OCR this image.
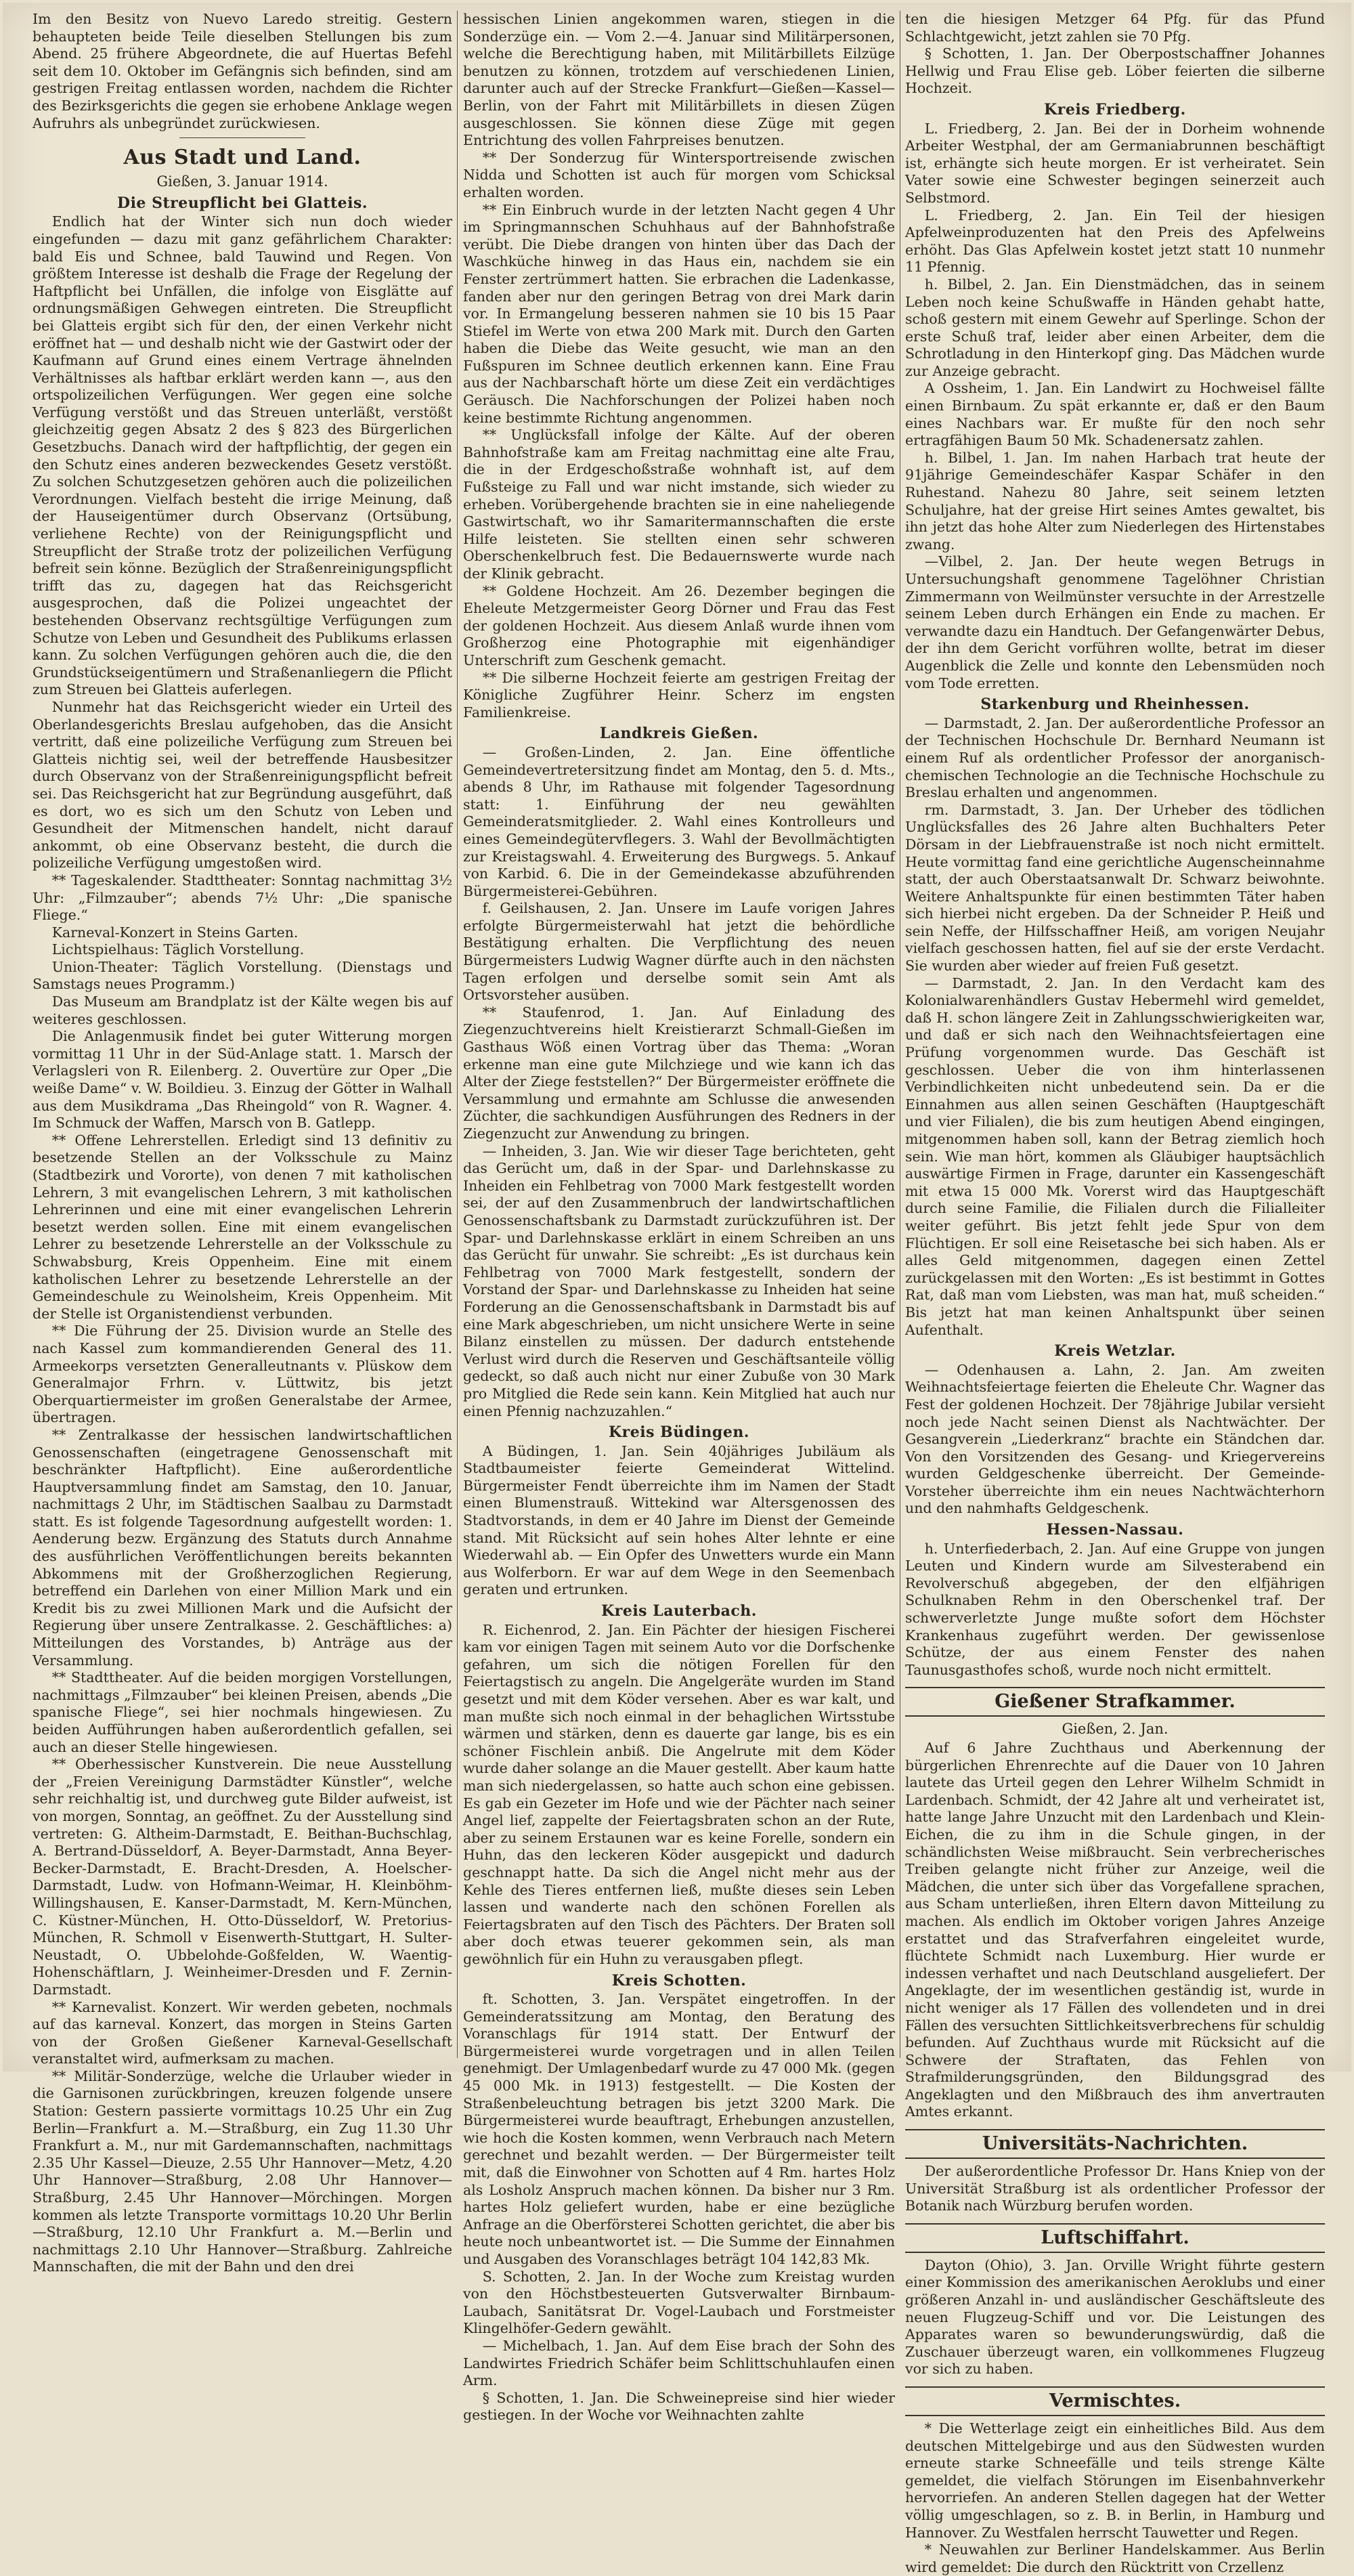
Im den Besitz von Nuevo Laredo streitig. Gestern behaupteten beide Teile dieselben Stellungen bis zum Abend. 25 frühere Abgeordnete, die auf Huertas Befehl seit dem 10. Oktober im Gefängnis sich befinden, sind am gestrigen Freitag entlassen worden, nachdem die Richter des Bezirksgerichts die gegen sie erhobene Anklage wegen Aufruhrs als unbegründet zurückwiesen.

Aus Stadt und Land.
Gießen, 3. Januar 1914.
Die Streupflicht bei Glatteis.

Endlich hat der Winter sich nun doch wieder eingefunden — dazu mit ganz gefährlichem Charakter: bald Eis und Schnee, bald Tauwind und Regen. Von größtem Interesse ist deshalb die Frage der Regelung der Haftpflicht bei Unfällen, die infolge von Eisglätte auf ordnungsmäßigen Gehwegen eintreten. Die Streupflicht bei Glatteis ergibt sich für den, der einen Verkehr nicht eröffnet hat — und deshalb nicht wie der Gastwirt oder der Kaufmann auf Grund eines einem Vertrage ähnelnden Verhältnisses als haftbar erklärt werden kann —, aus den ortspolizeilichen Verfügungen. Wer gegen eine solche Verfügung verstößt und das Streuen unterläßt, verstößt gleichzeitig gegen Absatz 2 des § 823 des Bürgerlichen Gesetzbuchs. Danach wird der haftpflichtig, der gegen ein den Schutz eines anderen bezweckendes Gesetz verstößt. Zu solchen Schutzgesetzen gehören auch die polizeilichen Verordnungen. Vielfach besteht die irrige Meinung, daß der Hauseigentümer durch Observanz (Ortsübung, verliehene Rechte) von der Reinigungspflicht und Streupflicht der Straße trotz der polizeilichen Verfügung befreit sein könne. Bezüglich der Straßenreinigungspflicht trifft das zu, dagegen hat das Reichsgericht ausgesprochen, daß die Polizei ungeachtet der bestehenden Observanz rechtsgültige Verfügungen zum Schutze von Leben und Gesundheit des Publikums erlassen kann. Zu solchen Verfügungen gehören auch die, die den Grundstückseigentümern und Straßenanliegern die Pflicht zum Streuen bei Glatteis auferlegen.

Nunmehr hat das Reichsgericht wieder ein Urteil des Oberlandesgerichts Breslau aufgehoben, das die Ansicht vertritt, daß eine polizeiliche Verfügung zum Streuen bei Glatteis nichtig sei, weil der betreffende Hausbesitzer durch Observanz von der Straßenreinigungspflicht befreit sei. Das Reichsgericht hat zur Begründung ausgeführt, daß es dort, wo es sich um den Schutz von Leben und Gesundheit der Mitmenschen handelt, nicht darauf ankommt, ob eine Observanz besteht, die durch die polizeiliche Verfügung umgestoßen wird.

** Tageskalender. Stadttheater: Sonntag nachmittag 3½ Uhr: „Filmzauber“; abends 7½ Uhr: „Die spanische Fliege.“

Karneval-Konzert in Steins Garten.

Lichtspielhaus: Täglich Vorstellung.

Union-Theater: Täglich Vorstellung. (Dienstags und Samstags neues Programm.)

Das Museum am Brandplatz ist der Kälte wegen bis auf weiteres geschlossen.

Die Anlagenmusik findet bei guter Witterung morgen vormittag 11 Uhr in der Süd-Anlage statt. 1. Marsch der Verlagsleri von R. Eilenberg. 2. Ouvertüre zur Oper „Die weiße Dame“ v. W. Boildieu. 3. Einzug der Götter in Walhall aus dem Musikdrama „Das Rheingold“ von R. Wagner. 4. Im Schmuck der Waffen, Marsch von B. Gatlepp.

** Offene Lehrerstellen. Erledigt sind 13 definitiv zu besetzende Stellen an der Volksschule zu Mainz (Stadtbezirk und Vororte), von denen 7 mit katholischen Lehrern, 3 mit evangelischen Lehrern, 3 mit katholischen Lehrerinnen und eine mit einer evangelischen Lehrerin besetzt werden sollen. Eine mit einem evangelischen Lehrer zu besetzende Lehrerstelle an der Volksschule zu Schwabsburg, Kreis Oppenheim. Eine mit einem katholischen Lehrer zu besetzende Lehrerstelle an der Gemeindeschule zu Weinolsheim, Kreis Oppenheim. Mit der Stelle ist Organistendienst verbunden.

** Die Führung der 25. Division wurde an Stelle des nach Kassel zum kommandierenden General des 11. Armeekorps versetzten Generalleutnants v. Plüskow dem Generalmajor Frhrn. v. Lüttwitz, bis jetzt Oberquartiermeister im großen Generalstabe der Armee, übertragen.

** Zentralkasse der hessischen landwirtschaftlichen Genossenschaften (eingetragene Genossenschaft mit beschränkter Haftpflicht). Eine außerordentliche Hauptversammlung findet am Samstag, den 10. Januar, nachmittags 2 Uhr, im Städtischen Saalbau zu Darmstadt statt. Es ist folgende Tagesordnung aufgestellt worden: 1. Aenderung bezw. Ergänzung des Statuts durch Annahme des ausführlichen Veröffentlichungen bereits bekannten Abkommens mit der Großherzoglichen Regierung, betreffend ein Darlehen von einer Million Mark und ein Kredit bis zu zwei Millionen Mark und die Aufsicht der Regierung über unsere Zentralkasse. 2. Geschäftliches: a) Mitteilungen des Vorstandes, b) Anträge aus der Versammlung.

** Stadttheater. Auf die beiden morgigen Vorstellungen, nachmittags „Filmzauber“ bei kleinen Preisen, abends „Die spanische Fliege“, sei hier nochmals hingewiesen. Zu beiden Aufführungen haben außerordentlich gefallen, sei auch an dieser Stelle hingewiesen.

** Oberhessischer Kunstverein. Die neue Ausstellung der „Freien Vereinigung Darmstädter Künstler“, welche sehr reichhaltig ist, und durchweg gute Bilder aufweist, ist von morgen, Sonntag, an geöffnet. Zu der Ausstellung sind vertreten: G. Altheim-Darmstadt, E. Beithan-Buchschlag, A. Bertrand-Düsseldorf, A. Beyer-Darmstadt, Anna Beyer-Becker-Darmstadt, E. Bracht-Dresden, A. Hoelscher-Darmstadt, Ludw. von Hofmann-Weimar, H. Kleinböhm-Willingshausen, E. Kanser-Darmstadt, M. Kern-München, C. Küstner-München, H. Otto-Düsseldorf, W. Pretorius-München, R. Schmoll v Eisenwerth-Stuttgart, H. Sulter-Neustadt, O. Ubbelohde-Goßfelden, W. Waentig-Hohenschäftlarn, J. Weinheimer-Dresden und F. Zernin-Darmstadt.

** Karnevalist. Konzert. Wir werden gebeten, nochmals auf das karneval. Konzert, das morgen in Steins Garten von der Großen Gießener Karneval-Gesellschaft veranstaltet wird, aufmerksam zu machen.

** Militär-Sonderzüge, welche die Urlauber wieder in die Garnisonen zurückbringen, kreuzen folgende unsere Station: Gestern passierte vormittags 10.25 Uhr ein Zug Berlin—Frankfurt a. M.—Straßburg, ein Zug 11.30 Uhr Frankfurt a. M., nur mit Gardemannschaften, nachmittags 2.35 Uhr Kassel—Dieuze, 2.55 Uhr Hannover—Metz, 4.20 Uhr Hannover—Straßburg, 2.08 Uhr Hannover—Straßburg, 2.45 Uhr Hannover—Mörchingen. Morgen kommen als letzte Transporte vormittags 10.20 Uhr Berlin—Straßburg, 12.10 Uhr Frankfurt a. M.—Berlin und nachmittags 2.10 Uhr Hannover—Straßburg. Zahlreiche Mannschaften, die mit der Bahn und den drei

hessischen Linien angekommen waren, stiegen in die Sonderzüge ein. — Vom 2.—4. Januar sind Militärpersonen, welche die Berechtigung haben, mit Militärbillets Eilzüge benutzen zu können, trotzdem auf verschiedenen Linien, darunter auch auf der Strecke Frankfurt—Gießen—Kassel—Berlin, von der Fahrt mit Militärbillets in diesen Zügen ausgeschlossen. Sie können diese Züge mit gegen Entrichtung des vollen Fahrpreises benutzen.

** Der Sonderzug für Wintersportreisende zwischen Nidda und Schotten ist auch für morgen vom Schicksal erhalten worden.

** Ein Einbruch wurde in der letzten Nacht gegen 4 Uhr im Springmannschen Schuhhaus auf der Bahnhofstraße verübt. Die Diebe drangen von hinten über das Dach der Waschküche hinweg in das Haus ein, nachdem sie ein Fenster zertrümmert hatten. Sie erbrachen die Ladenkasse, fanden aber nur den geringen Betrag von drei Mark darin vor. In Ermangelung besseren nahmen sie 10 bis 15 Paar Stiefel im Werte von etwa 200 Mark mit. Durch den Garten haben die Diebe das Weite gesucht, wie man an den Fußspuren im Schnee deutlich erkennen kann. Eine Frau aus der Nachbarschaft hörte um diese Zeit ein verdächtiges Geräusch. Die Nachforschungen der Polizei haben noch keine bestimmte Richtung angenommen.

** Unglücksfall infolge der Kälte. Auf der oberen Bahnhofstraße kam am Freitag nachmittag eine alte Frau, die in der Erdgeschoßstraße wohnhaft ist, auf dem Fußsteige zu Fall und war nicht imstande, sich wieder zu erheben. Vorübergehende brachten sie in eine naheliegende Gastwirtschaft, wo ihr Samaritermannschaften die erste Hilfe leisteten. Sie stellten einen sehr schweren Oberschenkelbruch fest. Die Bedauernswerte wurde nach der Klinik gebracht.

** Goldene Hochzeit. Am 26. Dezember begingen die Eheleute Metzgermeister Georg Dörner und Frau das Fest der goldenen Hochzeit. Aus diesem Anlaß wurde ihnen vom Großherzog eine Photographie mit eigenhändiger Unterschrift zum Geschenk gemacht.

** Die silberne Hochzeit feierte am gestrigen Freitag der Königliche Zugführer Heinr. Scherz im engsten Familienkreise.

Landkreis Gießen.

— Großen-Linden, 2. Jan. Eine öffentliche Gemeindevertretersitzung findet am Montag, den 5. d. Mts., abends 8 Uhr, im Rathause mit folgender Tagesordnung statt: 1. Einführung der neu gewählten Gemeinderatsmitglieder. 2. Wahl eines Kontrolleurs und eines Gemeindegütervflegers. 3. Wahl der Bevollmächtigten zur Kreistagswahl. 4. Erweiterung des Burgwegs. 5. Ankauf von Karbid. 6. Die in der Gemeindekasse abzuführenden Bürgermeisterei-Gebühren.

f. Geilshausen, 2. Jan. Unsere im Laufe vorigen Jahres erfolgte Bürgermeisterwahl hat jetzt die behördliche Bestätigung erhalten. Die Verpflichtung des neuen Bürgermeisters Ludwig Wagner dürfte auch in den nächsten Tagen erfolgen und derselbe somit sein Amt als Ortsvorsteher ausüben.

** Staufenrod, 1. Jan. Auf Einladung des Ziegenzuchtvereins hielt Kreistierarzt Schmall-Gießen im Gasthaus Wöß einen Vortrag über das Thema: „Woran erkenne man eine gute Milchziege und wie kann ich das Alter der Ziege feststellen?“ Der Bürgermeister eröffnete die Versammlung und ermahnte am Schlusse die anwesenden Züchter, die sachkundigen Ausführungen des Redners in der Ziegenzucht zur Anwendung zu bringen.

— Inheiden, 3. Jan. Wie wir dieser Tage berichteten, geht das Gerücht um, daß in der Spar- und Darlehnskasse zu Inheiden ein Fehlbetrag von 7000 Mark festgestellt worden sei, der auf den Zusammenbruch der landwirtschaftlichen Genossenschaftsbank zu Darmstadt zurückzuführen ist. Der Spar- und Darlehnskasse erklärt in einem Schreiben an uns das Gerücht für unwahr. Sie schreibt: „Es ist durchaus kein Fehlbetrag von 7000 Mark festgestellt, sondern der Vorstand der Spar- und Darlehnskasse zu Inheiden hat seine Forderung an die Genossenschaftsbank in Darmstadt bis auf eine Mark abgeschrieben, um nicht unsichere Werte in seine Bilanz einstellen zu müssen. Der dadurch entstehende Verlust wird durch die Reserven und Geschäftsanteile völlig gedeckt, so daß auch nicht nur einer Zubuße von 30 Mark pro Mitglied die Rede sein kann. Kein Mitglied hat auch nur einen Pfennig nachzuzahlen.“

Kreis Büdingen.

A Büdingen, 1. Jan. Sein 40jähriges Jubiläum als Stadtbaumeister feierte Gemeinderat Wittelind. Bürgermeister Fendt überreichte ihm im Namen der Stadt einen Blumenstrauß. Wittekind war Altersgenossen des Stadtvorstands, in dem er 40 Jahre im Dienst der Gemeinde stand. Mit Rücksicht auf sein hohes Alter lehnte er eine Wiederwahl ab. — Ein Opfer des Unwetters wurde ein Mann aus Wolferborn. Er war auf dem Wege in den Seemenbach geraten und ertrunken.

Kreis Lauterbach.

R. Eichenrod, 2. Jan. Ein Pächter der hiesigen Fischerei kam vor einigen Tagen mit seinem Auto vor die Dorfschenke gefahren, um sich die nötigen Forellen für den Feiertagstisch zu angeln. Die Angelgeräte wurden im Stand gesetzt und mit dem Köder versehen. Aber es war kalt, und man mußte sich noch einmal in der behaglichen Wirtsstube wärmen und stärken, denn es dauerte gar lange, bis es ein schöner Fischlein anbiß. Die Angelrute mit dem Köder wurde daher solange an die Mauer gestellt. Aber kaum hatte man sich niedergelassen, so hatte auch schon eine gebissen. Es gab ein Gezeter im Hofe und wie der Pächter nach seiner Angel lief, zappelte der Feiertagsbraten schon an der Rute, aber zu seinem Erstaunen war es keine Forelle, sondern ein Huhn, das den leckeren Köder ausgepickt und dadurch geschnappt hatte. Da sich die Angel nicht mehr aus der Kehle des Tieres entfernen ließ, mußte dieses sein Leben lassen und wanderte nach den schönen Forellen als Feiertagsbraten auf den Tisch des Pächters. Der Braten soll aber doch etwas teuerer gekommen sein, als man gewöhnlich für ein Huhn zu verausgaben pflegt.

Kreis Schotten.

ft. Schotten, 3. Jan. Verspätet eingetroffen. In der Gemeinderatssitzung am Montag, den Beratung des Voranschlags für 1914 statt. Der Entwurf der Bürgermeisterei wurde vorgetragen und in allen Teilen genehmigt. Der Umlagenbedarf wurde zu 47 000 Mk. (gegen 45 000 Mk. in 1913) festgestellt. — Die Kosten der Straßenbeleuchtung betragen bis jetzt 3200 Mark. Die Bürgermeisterei wurde beauftragt, Erhebungen anzustellen, wie hoch die Kosten kommen, wenn Verbrauch nach Metern gerechnet und bezahlt werden. — Der Bürgermeister teilt mit, daß die Einwohner von Schotten auf 4 Rm. hartes Holz als Losholz Anspruch machen können. Da bisher nur 3 Rm. hartes Holz geliefert wurden, habe er eine bezügliche Anfrage an die Oberförsterei Schotten gerichtet, die aber bis heute noch unbeantwortet ist. — Die Summe der Einnahmen und Ausgaben des Voranschlages beträgt 104 142,83 Mk.

S. Schotten, 2. Jan. In der Woche zum Kreistag wurden von den Höchstbesteuerten Gutsverwalter Birnbaum-Laubach, Sanitätsrat Dr. Vogel-Laubach und Forstmeister Klingelhöfer-Gedern gewählt.

— Michelbach, 1. Jan. Auf dem Eise brach der Sohn des Landwirtes Friedrich Schäfer beim Schlittschuhlaufen einen Arm.

§ Schotten, 1. Jan. Die Schweinepreise sind hier wieder gestiegen. In der Woche vor Weihnachten zahlte

ten die hiesigen Metzger 64 Pfg. für das Pfund Schlachtgewicht, jetzt zahlen sie 70 Pfg.

§ Schotten, 1. Jan. Der Oberpostschaffner Johannes Hellwig und Frau Elise geb. Löber feierten die silberne Hochzeit.

Kreis Friedberg.

L. Friedberg, 2. Jan. Bei der in Dorheim wohnende Arbeiter Westphal, der am Germaniabrunnen beschäftigt ist, erhängte sich heute morgen. Er ist verheiratet. Sein Vater sowie eine Schwester begingen seinerzeit auch Selbstmord.

L. Friedberg, 2. Jan. Ein Teil der hiesigen Apfelweinproduzenten hat den Preis des Apfelweins erhöht. Das Glas Apfelwein kostet jetzt statt 10 nunmehr 11 Pfennig.

h. Bilbel, 2. Jan. Ein Dienstmädchen, das in seinem Leben noch keine Schußwaffe in Händen gehabt hatte, schoß gestern mit einem Gewehr auf Sperlinge. Schon der erste Schuß traf, leider aber einen Arbeiter, dem die Schrotladung in den Hinterkopf ging. Das Mädchen wurde zur Anzeige gebracht.

A Ossheim, 1. Jan. Ein Landwirt zu Hochweisel fällte einen Birnbaum. Zu spät erkannte er, daß er den Baum eines Nachbars war. Er mußte für den noch sehr ertragfähigen Baum 50 Mk. Schadenersatz zahlen.

h. Bilbel, 1. Jan. Im nahen Harbach trat heute der 91jährige Gemeindeschäfer Kaspar Schäfer in den Ruhestand. Nahezu 80 Jahre, seit seinem letzten Schuljahre, hat der greise Hirt seines Amtes gewaltet, bis ihn jetzt das hohe Alter zum Niederlegen des Hirtenstabes zwang.

—Vilbel, 2. Jan. Der heute wegen Betrugs in Untersuchungshaft genommene Tagelöhner Christian Zimmermann von Weilmünster versuchte in der Arrestzelle seinem Leben durch Erhängen ein Ende zu machen. Er verwandte dazu ein Handtuch. Der Gefangenwärter Debus, der ihn dem Gericht vorführen wollte, betrat im dieser Augenblick die Zelle und konnte den Lebensmüden noch vom Tode erretten.

Starkenburg und Rheinhessen.

— Darmstadt, 2. Jan. Der außerordentliche Professor an der Technischen Hochschule Dr. Bernhard Neumann ist einem Ruf als ordentlicher Professor der anorganisch-chemischen Technologie an die Technische Hochschule zu Breslau erhalten und angenommen.

rm. Darmstadt, 3. Jan. Der Urheber des tödlichen Unglücksfalles des 26 Jahre alten Buchhalters Peter Dörsam in der Liebfrauenstraße ist noch nicht ermittelt. Heute vormittag fand eine gerichtliche Augenscheinnahme statt, der auch Oberstaatsanwalt Dr. Schwarz beiwohnte. Weitere Anhaltspunkte für einen bestimmten Täter haben sich hierbei nicht ergeben. Da der Schneider P. Heiß und sein Neffe, der Hilfsschaffner Heiß, am vorigen Neujahr vielfach geschossen hatten, fiel auf sie der erste Verdacht. Sie wurden aber wieder auf freien Fuß gesetzt.

— Darmstadt, 2. Jan. In den Verdacht kam des Kolonialwarenhändlers Gustav Hebermehl wird gemeldet, daß H. schon längere Zeit in Zahlungsschwierigkeiten war, und daß er sich nach den Weihnachtsfeiertagen eine Prüfung vorgenommen wurde. Das Geschäft ist geschlossen. Ueber die von ihm hinterlassenen Verbindlichkeiten nicht unbedeutend sein. Da er die Einnahmen aus allen seinen Geschäften (Hauptgeschäft und vier Filialen), die bis zum heutigen Abend eingingen, mitgenommen haben soll, kann der Betrag ziemlich hoch sein. Wie man hört, kommen als Gläubiger hauptsächlich auswärtige Firmen in Frage, darunter ein Kassengeschäft mit etwa 15 000 Mk. Vorerst wird das Hauptgeschäft durch seine Familie, die Filialen durch die Filialleiter weiter geführt. Bis jetzt fehlt jede Spur von dem Flüchtigen. Er soll eine Reisetasche bei sich haben. Als er alles Geld mitgenommen, dagegen einen Zettel zurückgelassen mit den Worten: „Es ist bestimmt in Gottes Rat, daß man vom Liebsten, was man hat, muß scheiden.“ Bis jetzt hat man keinen Anhaltspunkt über seinen Aufenthalt.

Kreis Wetzlar.

— Odenhausen a. Lahn, 2. Jan. Am zweiten Weihnachtsfeiertage feierten die Eheleute Chr. Wagner das Fest der goldenen Hochzeit. Der 78jährige Jubilar versieht noch jede Nacht seinen Dienst als Nachtwächter. Der Gesangverein „Liederkranz“ brachte ein Ständchen dar. Von den Vorsitzenden des Gesang- und Kriegervereins wurden Geldgeschenke überreicht. Der Gemeinde-Vorsteher überreichte ihm ein neues Nachtwächterhorn und den nahmhafts Geldgeschenk.

Hessen-Nassau.

h. Unterfiederbach, 2. Jan. Auf eine Gruppe von jungen Leuten und Kindern wurde am Silvesterabend ein Revolverschuß abgegeben, der den elfjährigen Schulknaben Rehm in den Oberschenkel traf. Der schwerverletzte Junge mußte sofort dem Höchster Krankenhaus zugeführt werden. Der gewissenlose Schütze, der aus einem Fenster des nahen Taunusgasthofes schoß, wurde noch nicht ermittelt.

Gießener Strafkammer.
Gießen, 2. Jan.

Auf 6 Jahre Zuchthaus und Aberkennung der bürgerlichen Ehrenrechte auf die Dauer von 10 Jahren lautete das Urteil gegen den Lehrer Wilhelm Schmidt in Lardenbach. Schmidt, der 42 Jahre alt und verheiratet ist, hatte lange Jahre Unzucht mit den Lardenbach und Klein-Eichen, die zu ihm in die Schule gingen, in der schändlichsten Weise mißbraucht. Sein verbrecherisches Treiben gelangte nicht früher zur Anzeige, weil die Mädchen, die unter sich über das Vorgefallene sprachen, aus Scham unterließen, ihren Eltern davon Mitteilung zu machen. Als endlich im Oktober vorigen Jahres Anzeige erstattet und das Strafverfahren eingeleitet wurde, flüchtete Schmidt nach Luxemburg. Hier wurde er indessen verhaftet und nach Deutschland ausgeliefert. Der Angeklagte, der im wesentlichen geständig ist, wurde in nicht weniger als 17 Fällen des vollendeten und in drei Fällen des versuchten Sittlichkeitsverbrechens für schuldig befunden. Auf Zuchthaus wurde mit Rücksicht auf die Schwere der Straftaten, das Fehlen von Strafmilderungsgründen, den Bildungsgrad des Angeklagten und den Mißbrauch des ihm anvertrauten Amtes erkannt.

Universitäts-Nachrichten.

Der außerordentliche Professor Dr. Hans Kniep von der Universität Straßburg ist als ordentlicher Professor der Botanik nach Würzburg berufen worden.

Luftschiffahrt.

Dayton (Ohio), 3. Jan. Orville Wright führte gestern einer Kommission des amerikanischen Aeroklubs und einer größeren Anzahl in- und ausländischer Geschäftsleute des neuen Flugzeug-Schiff und vor. Die Leistungen des Apparates waren so bewunderungswürdig, daß die Zuschauer überzeugt waren, ein vollkommenes Flugzeug vor sich zu haben.

Vermischtes.

* Die Wetterlage zeigt ein einheitliches Bild. Aus dem deutschen Mittelgebirge und aus den Südwesten wurden erneute starke Schneefälle und teils strenge Kälte gemeldet, die vielfach Störungen im Eisenbahnverkehr hervorriefen. An anderen Stellen dagegen hat der Wetter völlig umgeschlagen, so z. B. in Berlin, in Hamburg und Hannover. Zu Westfalen herrscht Tauwetter und Regen.

* Neuwahlen zur Berliner Handelskammer. Aus Berlin wird gemeldet: Die durch den Rücktritt von Crzellenz
